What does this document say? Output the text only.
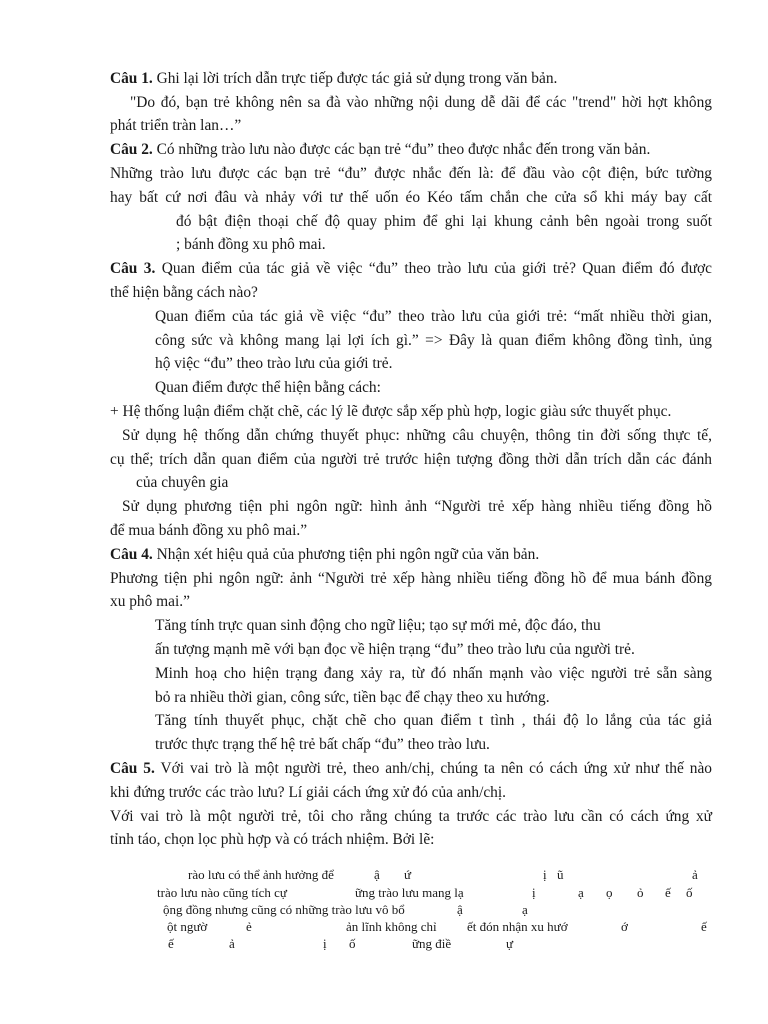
Câu 1. Ghi lại lời trích dẫn trực tiếp được tác giả sử dụng trong văn bản.
"Do đó, bạn trẻ không nên sa đà vào những nội dung dễ dãi để các "trend" hời hợt không
phát triển tràn lan…”
Câu 2. Có những trào lưu nào được các bạn trẻ “đu” theo được nhắc đến trong văn bản.
Những trào lưu được các bạn trẻ “đu” được nhắc đến là: để đầu vào cột điện, bức tường
hay bất cứ nơi đâu và nhảy với tư thế uốn éo Kéo tấm chắn che cửa sổ khi máy bay cất
đó bật điện thoại chế độ quay phim để ghi lại khung cảnh bên ngoài trong suốt
; bánh đồng xu phô mai.
Câu 3. Quan điểm của tác giả về việc “đu” theo trào lưu của giới trẻ? Quan điểm đó được
thể hiện bằng cách nào?
Quan điểm của tác giả về việc “đu” theo trào lưu của giới trẻ: “mất nhiều thời gian,
công sức và không mang lại lợi ích gì.” => Đây là quan điểm không đồng tình, ủng
hộ việc “đu” theo trào lưu của giới trẻ.
Quan điểm được thể hiện bằng cách:
+ Hệ thống luận điểm chặt chẽ, các lý lẽ được sắp xếp phù hợp, logic giàu sức thuyết phục.
Sử dụng hệ thống dẫn chứng thuyết phục: những câu chuyện, thông tin đời sống thực tế,
cụ thể; trích dẫn quan điểm của người trẻ trước hiện tượng đồng thời dẫn trích dẫn các đánh
của chuyên gia
Sử dụng phương tiện phi ngôn ngữ: hình ảnh “Người trẻ xếp hàng nhiều tiếng đồng hồ
để mua bánh đồng xu phô mai.”
Câu 4. Nhận xét hiệu quả của phương tiện phi ngôn ngữ của văn bản.
Phương tiện phi ngôn ngữ: ảnh “Người trẻ xếp hàng nhiều tiếng đồng hồ để mua bánh đồng
xu phô mai.”
Tăng tính trực quan sinh động cho ngữ liệu; tạo sự mới mẻ, độc đáo, thu
ấn tượng mạnh mẽ với bạn đọc về hiện trạng “đu” theo trào lưu của người trẻ.
Minh hoạ cho hiện trạng đang xảy ra, từ đó nhấn mạnh vào việc người trẻ sẵn sàng
bỏ ra nhiều thời gian, công sức, tiền bạc để chạy theo xu hướng.
Tăng tính thuyết phục, chặt chẽ cho quan điểm t tình , thái độ lo lắng của tác giả
trước thực trạng thế hệ trẻ bất chấp “đu” theo trào lưu.
Câu 5. Với vai trò là một người trẻ, theo anh/chị, chúng ta nên có cách ứng xử như thế nào
khi đứng trước các trào lưu? Lí giải cách ứng xử đó của anh/chị.
Với vai trò là một người trẻ, tôi cho rằng chúng ta trước các trào lưu cần có cách ứng xử
tỉnh táo, chọn lọc phù hợp và có trách nhiệm. Bởi lẽ:
rào lưu có thể ảnh hưởng để	ậ ứ	ị ũ	ả
trào lưu nào cũng tích cự	ững trào lưu mang lạ	ị	ạ ọ ỏ ế ố
ộng đồng nhưng cũng có những trào lưu vô bổ	ậ	ạ
ột ngườ	ẻ	ản lĩnh không chỉ ết đón nhận xu hướ	ớ	ế
ế	ả	ị ố	ững điề	ự
